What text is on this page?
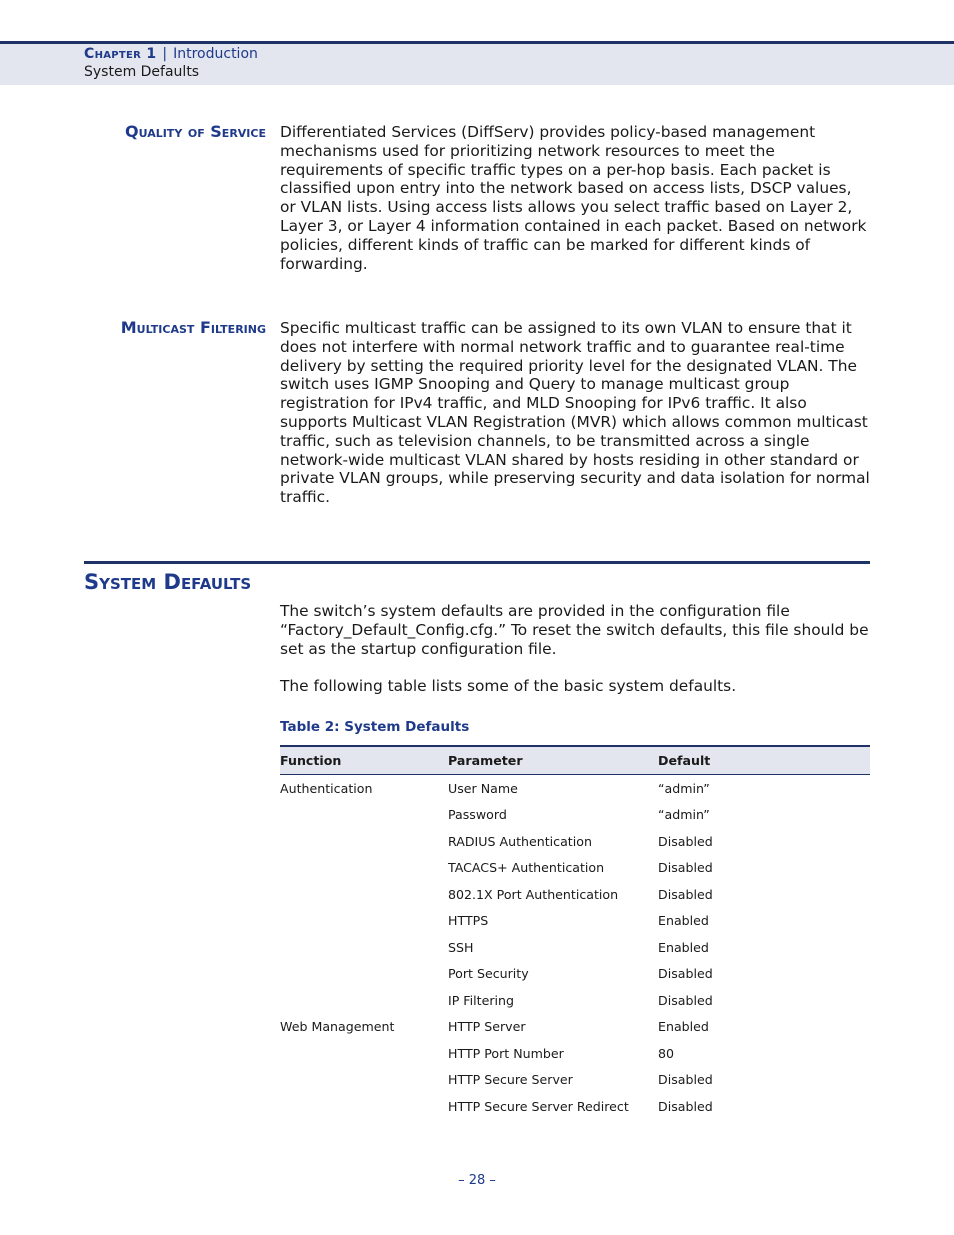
Chapter 1 | Introduction
System Defaults
Quality of Service Differentiated Services (DiffServ) provides policy-based management mechanisms used for prioritizing network resources to meet the requirements of specific traffic types on a per-hop basis. Each packet is classified upon entry into the network based on access lists, DSCP values, or VLAN lists. Using access lists allows you select traffic based on Layer 2, Layer 3, or Layer 4 information contained in each packet. Based on network policies, different kinds of traffic can be marked for different kinds of forwarding.
Multicast Filtering Specific multicast traffic can be assigned to its own VLAN to ensure that it does not interfere with normal network traffic and to guarantee real-time delivery by setting the required priority level for the designated VLAN. The switch uses IGMP Snooping and Query to manage multicast group registration for IPv4 traffic, and MLD Snooping for IPv6 traffic. It also supports Multicast VLAN Registration (MVR) which allows common multicast traffic, such as television channels, to be transmitted across a single network-wide multicast VLAN shared by hosts residing in other standard or private VLAN groups, while preserving security and data isolation for normal traffic.
System Defaults
The switch’s system defaults are provided in the configuration file “Factory_Default_Config.cfg.” To reset the switch defaults, this file should be set as the startup configuration file.
The following table lists some of the basic system defaults.
Table 2: System Defaults
Function	Parameter	Default
Authentication	User Name	“admin”
	Password	“admin”
	RADIUS Authentication	Disabled
	TACACS+ Authentication	Disabled
	802.1X Port Authentication	Disabled
	HTTPS	Enabled
	SSH	Enabled
	Port Security	Disabled
	IP Filtering	Disabled
Web Management	HTTP Server	Enabled
	HTTP Port Number	80
	HTTP Secure Server	Disabled
	HTTP Secure Server Redirect	Disabled
– 28 –
